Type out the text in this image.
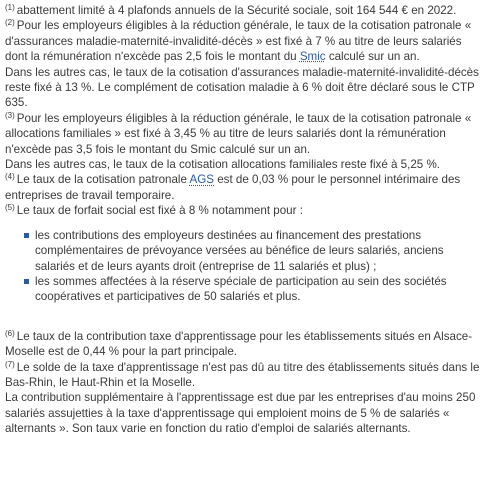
$^{(1)}$ abattement limité à 4 plafonds annuels de la Sécurité sociale, soit 164 544 € en 2022.

$^{(2)}$ Pour les employeurs éligibles à la réduction générale, le taux de la cotisation patronale « d'assurances maladie-maternité-invalidité-décès » est fixé à 7 % au titre de leurs salariés dont la rémunération n'excède pas 2,5 fois le montant du Smic calculé sur un an.

Dans les autres cas, le taux de la cotisation d'assurances maladie-maternité-invalidité-décès reste fixé à 13 %. Le complément de cotisation maladie à 6 % doit être déclaré sous le CTP 635.

$^{(3)}$ Pour les employeurs éligibles à la réduction générale, le taux de la cotisation patronale « allocations familiales » est fixé à 3,45 % au titre de leurs salariés dont la rémunération n'excède pas 3,5 fois le montant du Smic calculé sur un an.

Dans les autres cas, le taux de la cotisation allocations familiales reste fixé à 5,25 %.

$^{(4)}$ Le taux de la cotisation patronale AGS est de 0,03 % pour le personnel intérimaire des entreprises de travail temporaire.

$^{(5)}$ Le taux de forfait social est fixé à 8 % notamment pour :

les contributions des employeurs destinées au financement des prestations complémentaires de prévoyance versées au bénéfice de leurs salariés, anciens salariés et de leurs ayants droit (entreprise de 11 salariés et plus) ;
les sommes affectées à la réserve spéciale de participation au sein des sociétés coopératives et participatives de 50 salariés et plus.

$^{(6)}$ Le taux de la contribution taxe d'apprentissage pour les établissements situés en Alsace-Moselle est de 0,44 % pour la part principale.

$^{(7)}$ Le solde de la taxe d'apprentissage n'est pas dû au titre des établissements situés dans le Bas-Rhin, le Haut-Rhin et la Moselle.

La contribution supplémentaire à l'apprentissage est due par les entreprises d'au moins 250 salariés assujetties à la taxe d'apprentissage qui emploient moins de 5 % de salariés « alternants ». Son taux varie en fonction du ratio d'emploi de salariés alternants.
